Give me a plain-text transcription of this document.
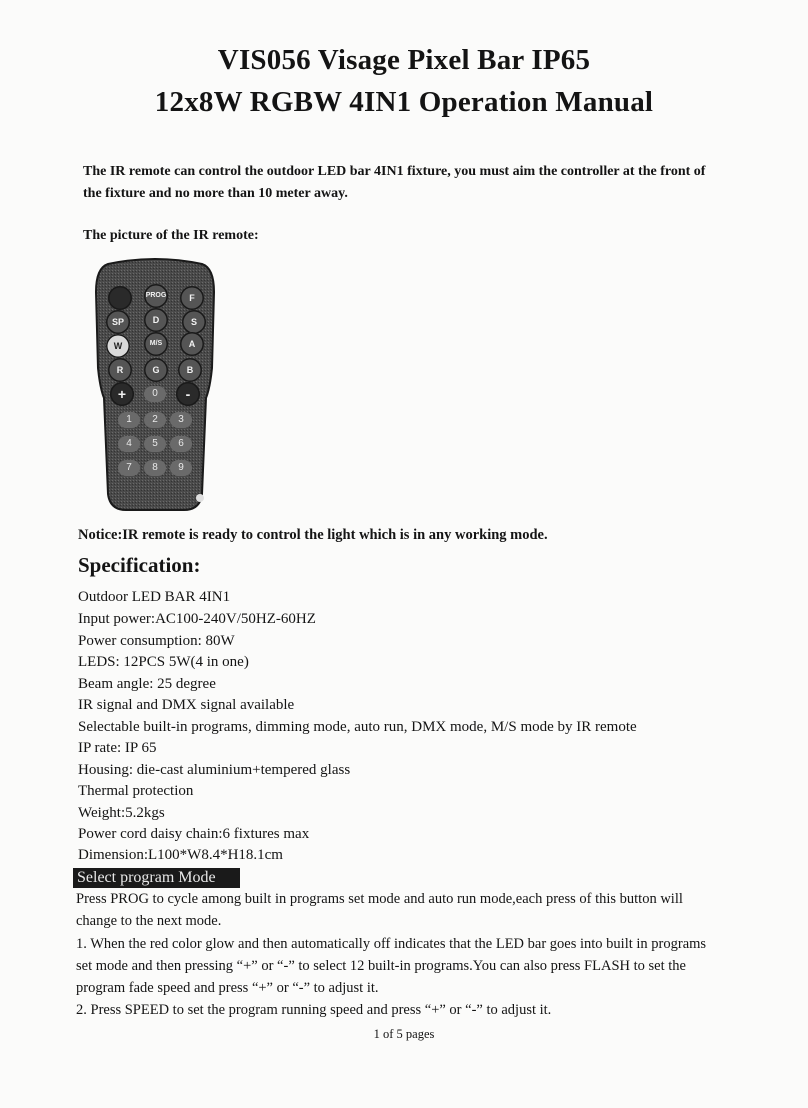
VIS056 Visage Pixel Bar IP65
12x8W RGBW 4IN1 Operation Manual
The IR remote can control the outdoor LED bar 4IN1 fixture, you must aim the controller at the front of
the fixture and no more than 10 meter away.
The picture of the IR remote:
PROG	F
SP	D	S
W	M/S	A
R	G	B
+	0	-
1	2	3
4	5	6
7	8	9
Notice:IR remote is ready to control the light which is in any working mode.
Specification:
Outdoor LED BAR 4IN1
Input power:AC100-240V/50HZ-60HZ
Power consumption: 80W
LEDS: 12PCS 5W(4 in one)
Beam angle: 25 degree
IR signal and DMX signal available
Selectable built-in programs, dimming mode, auto run, DMX mode, M/S mode by IR remote
IP rate: IP 65
Housing: die-cast aluminium+tempered glass
Thermal protection
Weight:5.2kgs
Power cord daisy chain:6 fixtures max
Dimension:L100*W8.4*H18.1cm
Select program Mode
Press PROG to cycle among built in programs set mode and auto run mode,each press of this button will
change to the next mode.
1. When the red color glow and then automatically off indicates that the LED bar goes into built in programs
set mode and then pressing “+” or “-” to select 12 built-in programs.You can also press FLASH to set the
program fade speed and press “+” or “-” to adjust it.
2. Press SPEED to set the program running speed and press “+” or “-” to adjust it.
1 of 5 pages
